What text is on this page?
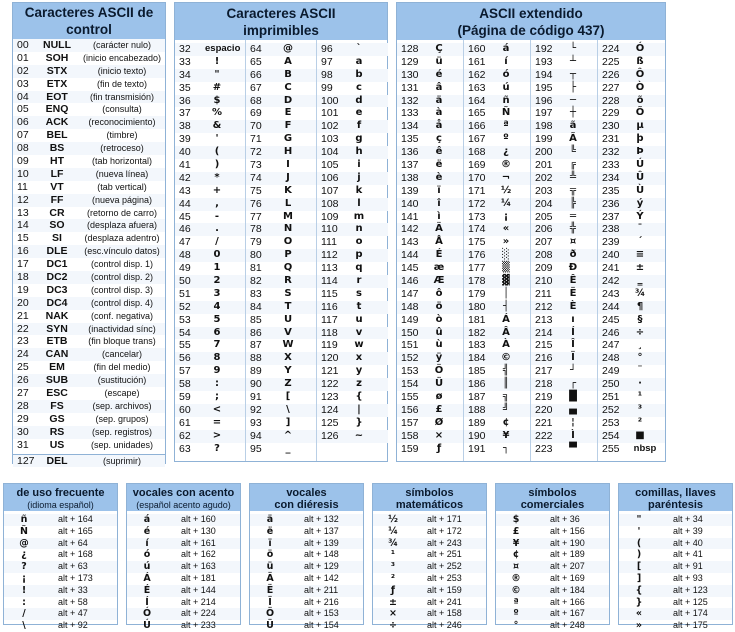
Caracteres ASCII de control
00	NULL	(carácter nulo)
01	SOH	(inicio encabezado)
02	STX	(inicio texto)
03	ETX	(fin de texto)
04	EOT	(fin transmisión)
05	ENQ	(consulta)
06	ACK	(reconocimiento)
07	BEL	(timbre)
08	BS	(retroceso)
09	HT	(tab horizontal)
10	LF	(nueva línea)
11	VT	(tab vertical)
12	FF	(nueva página)
13	CR	(retorno de carro)
14	SO	(desplaza afuera)
15	SI	(desplaza adentro)
16	DLE	(esc.vínculo datos)
17	DC1	(control disp. 1)
18	DC2	(control disp. 2)
19	DC3	(control disp. 3)
20	DC4	(control disp. 4)
21	NAK	(conf. negativa)
22	SYN	(inactividad sínc)
23	ETB	(fin bloque trans)
24	CAN	(cancelar)
25	EM	(fin del medio)
26	SUB	(sustitución)
27	ESC	(escape)
28	FS	(sep. archivos)
29	GS	(sep. grupos)
30	RS	(sep. registros)
31	US	(sep. unidades)
127	DEL	(suprimir)
Caracteres ASCII imprimibles
32	espacio
33	!
34	"
35	#
36	$
37	%
38	&
39	'
40	(
41	)
42	*
43	+
44	,
45	-
46	.
47	/
48	0
49	1
50	2
51	3
52	4
53	5
54	6
55	7
56	8
57	9
58	:
59	;
60	<
61	=
62	>
63	?
64	@
65	A
66	B
67	C
68	D
69	E
70	F
71	G
72	H
73	I
74	J
75	K
76	L
77	M
78	N
79	O
80	P
81	Q
82	R
83	S
84	T
85	U
86	V
87	W
88	X
89	Y
90	Z
91	[
92	\
93	]
94	^
95	_
96	`
97	a
98	b
99	c
100	d
101	e
102	f
103	g
104	h
105	i
106	j
107	k
108	l
109	m
110	n
111	o
112	p
113	q
114	r
115	s
116	t
117	u
118	v
119	w
120	x
121	y
122	z
123	{
124	|
125	}
126	~
ASCII extendido
(Página de código 437)
128	Ç
129	ü
130	é
131	â
132	ä
133	à
134	å
135	ç
136	ê
137	ë
138	è
139	ï
140	î
141	ì
142	Ä
143	Å
144	É
145	æ
146	Æ
147	ô
148	ö
149	ò
150	û
151	ù
152	ÿ
153	Ö
154	Ü
155	ø
156	£
157	Ø
158	×
159	ƒ
160	á
161	í
162	ó
163	ú
164	ñ
165	Ñ
166	ª
167	º
168	¿
169	®
170	¬
171	½
172	¼
173	¡
174	«
175	»
176	░
177	▒
178	▓
179	│
180	┤
181	Á
182	Â
183	À
184	©
185	╣
186	║
187	╗
188	╝
189	¢
190	¥
191	┐
192	└
193	┴
194	┬
195	├
196	─
197	┼
198	ã
199	Ã
200	╚
201	╔
202	╩
203	╦
204	╠
205	═
206	╬
207	¤
208	ð
209	Ð
210	Ê
211	Ë
212	È
213	ı
214	Í
215	Î
216	Ï
217	┘
218	┌
219	█
220	▄
221	¦
222	Ì
223	▀
224	Ó
225	ß
226	Ô
227	Ò
228	õ
229	Õ
230	µ
231	þ
232	Þ
233	Ú
234	Û
235	Ù
236	ý
237	Ý
238	¯
239	´
240	≡
241	±
242	‗
243	¾
244	¶
245	§
246	÷
247	¸
248	°
249	¨
250	·
251	¹
252	³
253	²
254	■
255	nbsp
de uso frecuente
(idioma español)
ñ	alt + 164
Ñ	alt + 165
@	alt + 64
¿	alt + 168
?	alt + 63
¡	alt + 173
!	alt + 33
:	alt + 58
/	alt + 47
\	alt + 92
vocales con acento
(español acento agudo)
á	alt + 160
é	alt + 130
í	alt + 161
ó	alt + 162
ú	alt + 163
Á	alt + 181
É	alt + 144
Í	alt + 214
Ó	alt + 224
Ú	alt + 233
vocales
con diéresis
ä	alt + 132
ë	alt + 137
ï	alt + 139
ö	alt + 148
ü	alt + 129
Ä	alt + 142
Ë	alt + 211
Ï	alt + 216
Ö	alt + 153
Ü	alt + 154
símbolos
matemáticos
½	alt + 171
¼	alt + 172
¾	alt + 243
¹	alt + 251
³	alt + 252
²	alt + 253
ƒ	alt + 159
±	alt + 241
×	alt + 158
÷	alt + 246
símbolos
comerciales
$	alt + 36
£	alt + 156
¥	alt + 190
¢	alt + 189
¤	alt + 207
®	alt + 169
©	alt + 184
ª	alt + 166
º	alt + 167
°	alt + 248
comillas, llaves
paréntesis
"	alt + 34
'	alt + 39
(	alt + 40
)	alt + 41
[	alt + 91
]	alt + 93
{	alt + 123
}	alt + 125
«	alt + 174
»	alt + 175
